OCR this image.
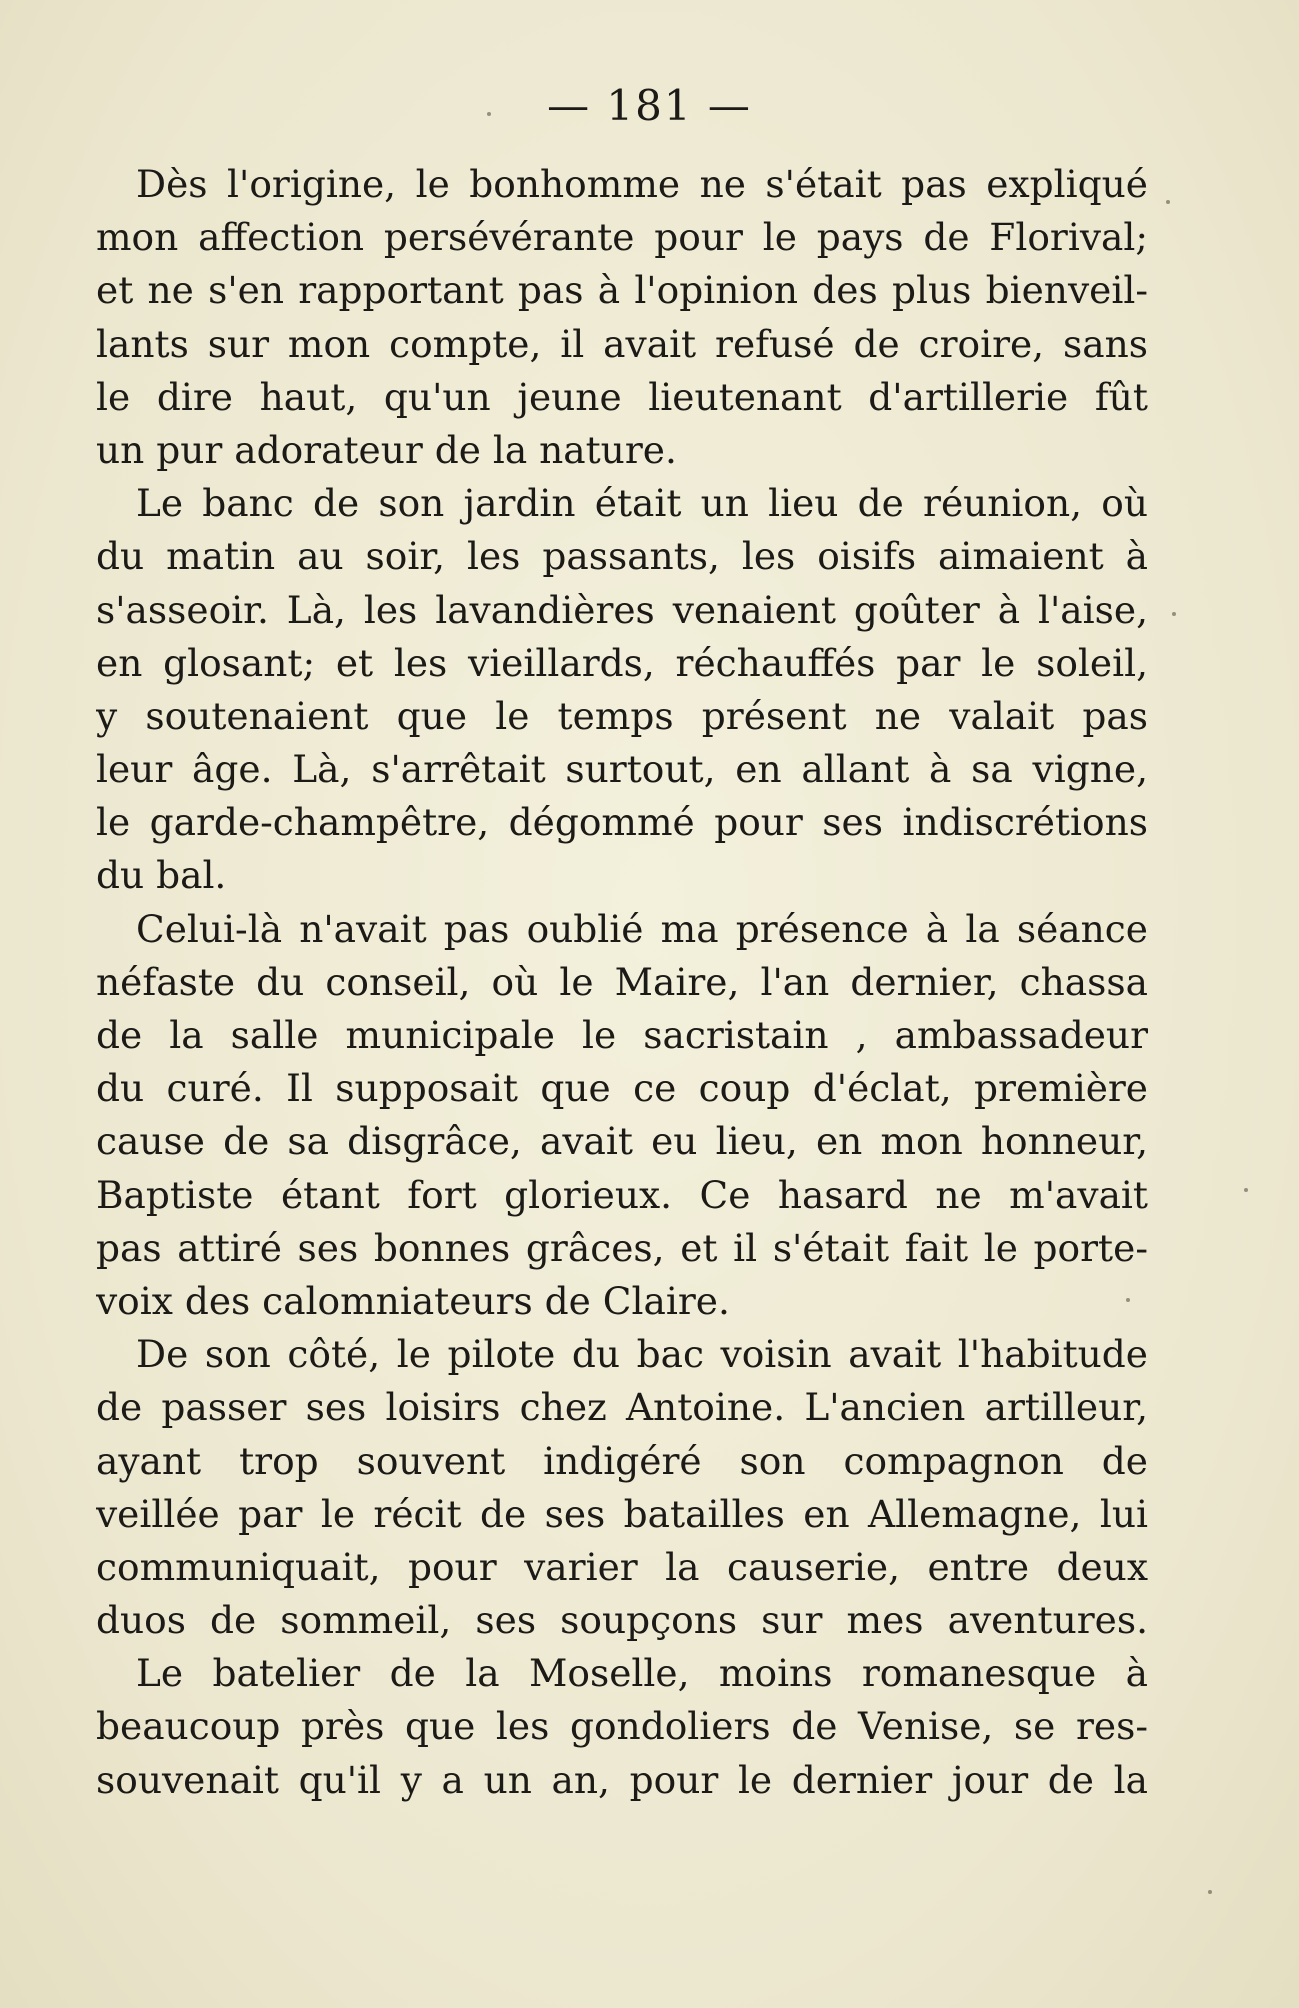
— 181 —
Dès l'origine, le bonhomme ne s'était pas expliqué
mon affection persévérante pour le pays de Florival;
et ne s'en rapportant pas à l'opinion des plus bienveil-
lants sur mon compte, il avait refusé de croire, sans
le dire haut, qu'un jeune lieutenant d'artillerie fût
un pur adorateur de la nature.
Le banc de son jardin était un lieu de réunion, où
du matin au soir, les passants, les oisifs aimaient à
s'asseoir. Là, les lavandières venaient goûter à l'aise,
en glosant; et les vieillards, réchauffés par le soleil,
y soutenaient que le temps présent ne valait pas
leur âge. Là, s'arrêtait surtout, en allant à sa vigne,
le garde-champêtre, dégommé pour ses indiscrétions
du bal.
Celui-là n'avait pas oublié ma présence à la séance
néfaste du conseil, où le Maire, l'an dernier, chassa
de la salle municipale le sacristain , ambassadeur
du curé. Il supposait que ce coup d'éclat, première
cause de sa disgrâce, avait eu lieu, en mon honneur,
Baptiste étant fort glorieux. Ce hasard ne m'avait
pas attiré ses bonnes grâces, et il s'était fait le porte-
voix des calomniateurs de Claire.
De son côté, le pilote du bac voisin avait l'habitude
de passer ses loisirs chez Antoine. L'ancien artilleur,
ayant trop souvent indigéré son compagnon de
veillée par le récit de ses batailles en Allemagne, lui
communiquait, pour varier la causerie, entre deux
duos de sommeil, ses soupçons sur mes aventures.
Le batelier de la Moselle, moins romanesque à
beaucoup près que les gondoliers de Venise, se res-
souvenait qu'il y a un an, pour le dernier jour de la
